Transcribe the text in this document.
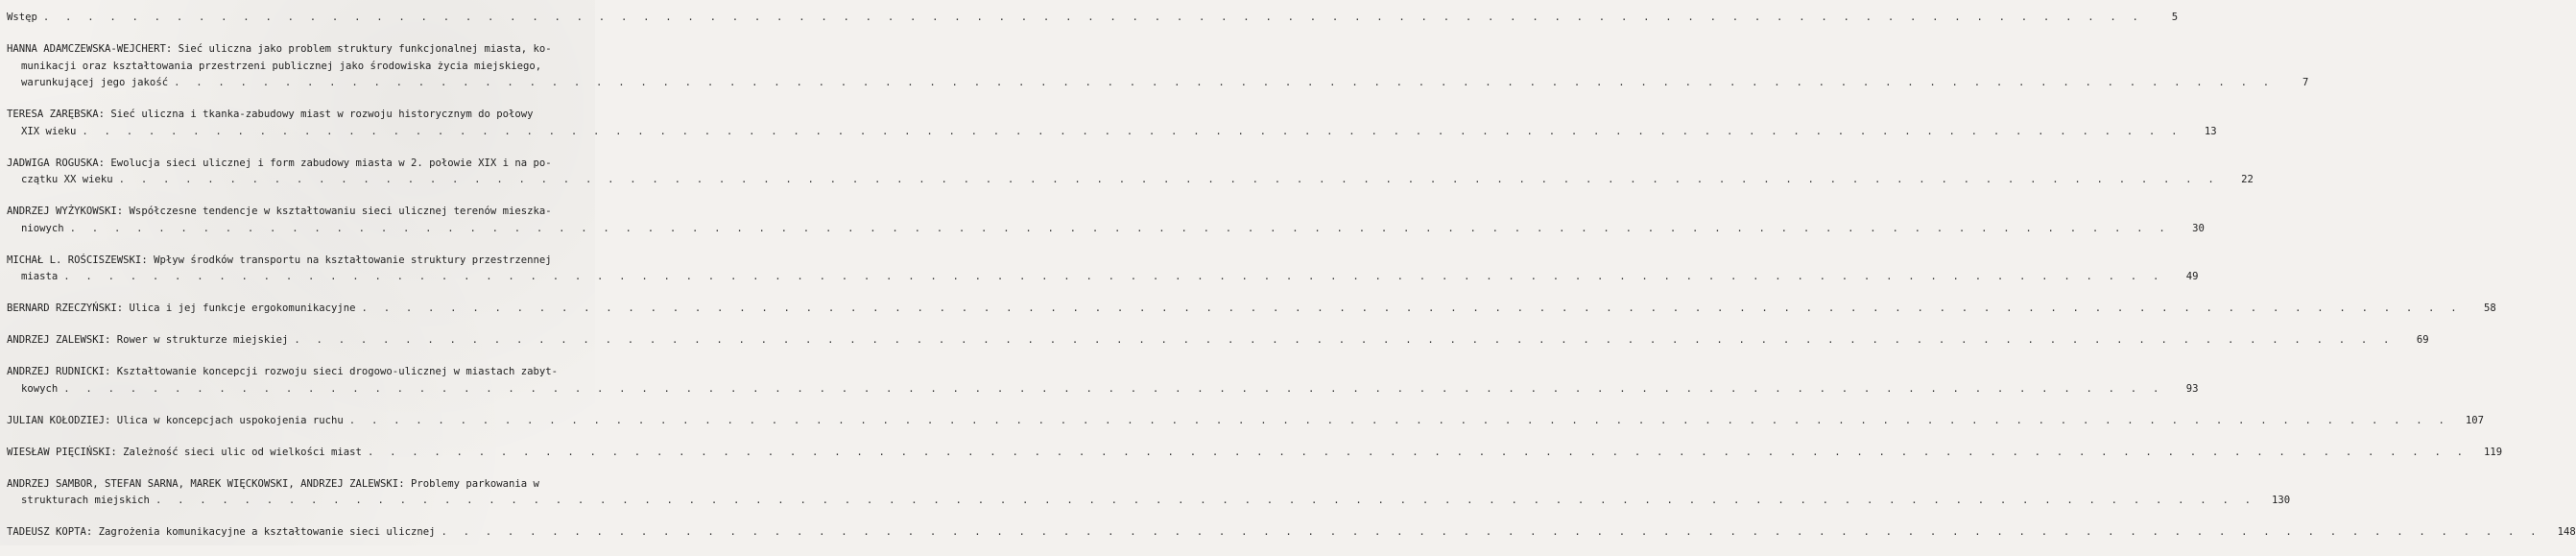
Wstęp . . .	5
HANNA ADAMCZEWSKA-WEJCHERT: Sieć uliczna jako problem struktury funkcjonalnej miasta, ko-
munikacji oraz kształtowania przestrzeni publicznej jako środowiska życia miejskiego,
warunkującej jego jakość . . .	7
TERESA ZARĘBSKA: Sieć uliczna i tkanka-zabudowy miast w rozwoju historycznym do połowy
XIX wieku . . .	13
JADWIGA ROGUSKA: Ewolucja sieci ulicznej i form zabudowy miasta w 2. połowie XIX i na po-
czątku XX wieku . . .	22
ANDRZEJ WYŻYKOWSKI: Współczesne tendencje w kształtowaniu sieci ulicznej terenów mieszka-
niowych . . .	30
MICHAŁ L. ROŚCISZEWSKI: Wpływ środków transportu na kształtowanie struktury przestrzennej
miasta . . .	49
BERNARD RZECZYŃSKI: Ulica i jej funkcje ergokomunikacyjne . . .	58
ANDRZEJ ZALEWSKI: Rower w strukturze miejskiej . . .	69
ANDRZEJ RUDNICKI: Kształtowanie koncepcji rozwoju sieci drogowo-ulicznej w miastach zabyt-
kowych . . .	93
JULIAN KOŁODZIEJ: Ulica w koncepcjach uspokojenia ruchu . . .	107
WIESŁAW PIĘCIŃSKI: Zależność sieci ulic od wielkości miast . . .	119
ANDRZEJ SAMBOR, STEFAN SARNA, MAREK WIĘCKOWSKI, ANDRZEJ ZALEWSKI: Problemy parkowania w
strukturach miejskich . . .	130
TADEUSZ KOPTA: Zagrożenia komunikacyjne a kształtowanie sieci ulicznej . . .	148
